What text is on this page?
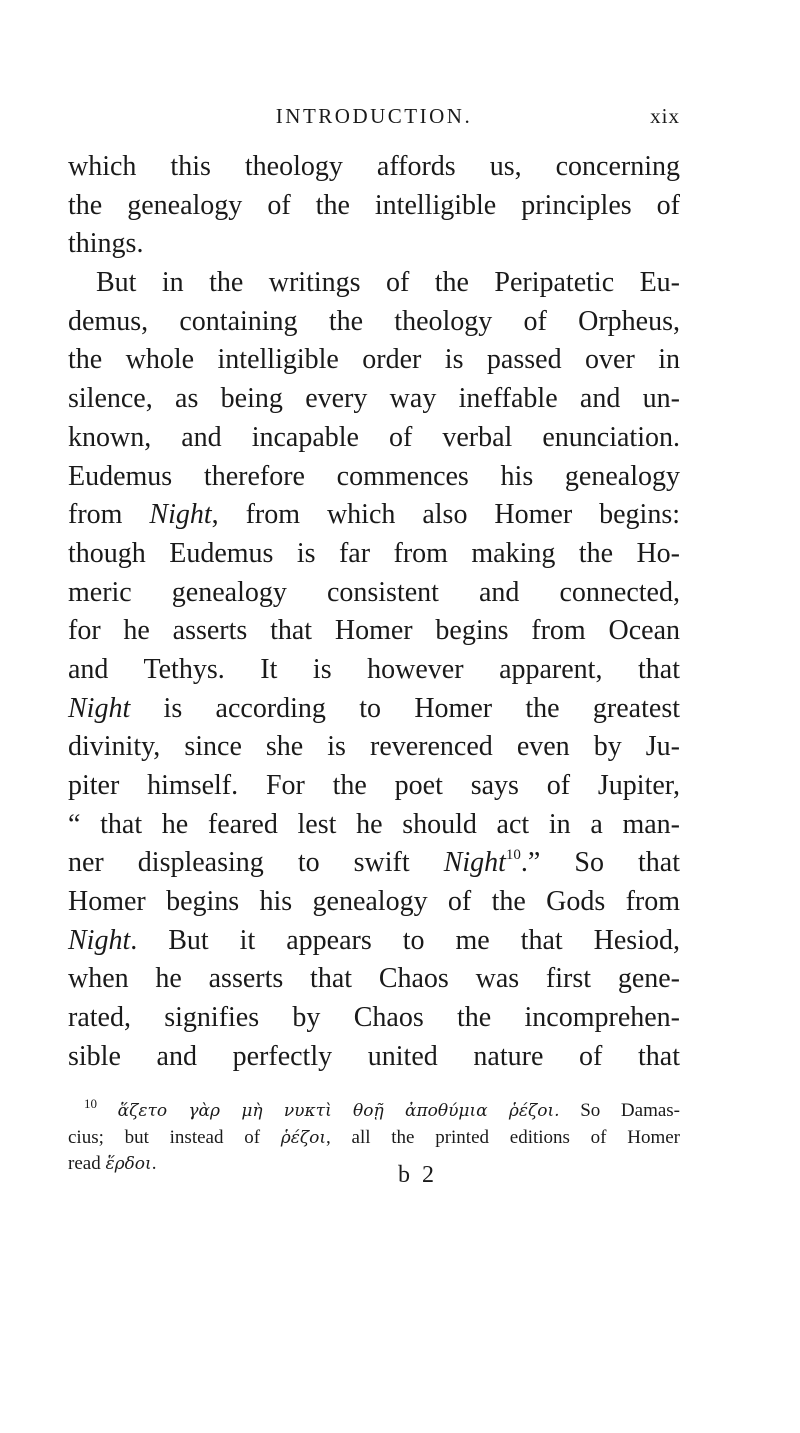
INTRODUCTION.	xix
which this theology affords us, concerning
the genealogy of the intelligible principles of
things.
But in the writings of the Peripatetic Eu-
demus, containing the theology of Orpheus,
the whole intelligible order is passed over in
silence, as being every way ineffable and un-
known, and incapable of verbal enunciation.
Eudemus therefore commences his genealogy
from Night, from which also Homer begins:
though Eudemus is far from making the Ho-
meric genealogy consistent and connected,
for he asserts that Homer begins from Ocean
and Tethys. It is however apparent, that
Night is according to Homer the greatest
divinity, since she is reverenced even by Ju-
piter himself. For the poet says of Jupiter,
“ that he feared lest he should act in a man-
ner displeasing to swift Night$^{10}$.” So that
Homer begins his genealogy of the Gods from
Night. But it appears to me that Hesiod,
when he asserts that Chaos was first gene-
rated, signifies by Chaos the incomprehen-
sible and perfectly united nature of that
$^{10}$ ἅζετο γὰρ μὴ νυκτὶ θοῇ ἀποθύμια ῥέζοι. So Damas-
cius; but instead of ῥέζοι, all the printed editions of Homer
read ἕρδοι.	b 2
